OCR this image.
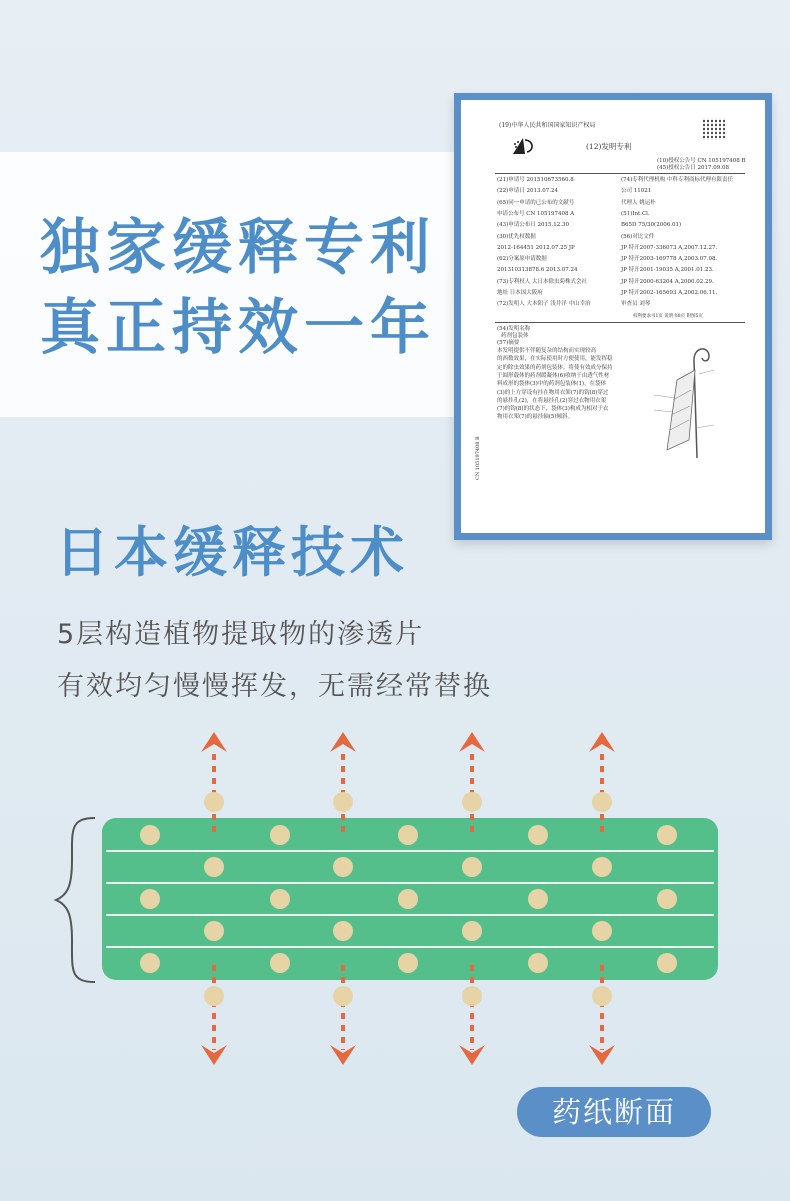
独家缓释专利
真正持效一年
(19)中华人民共和国国家知识产权局
(12)发明专利
(10)授权公告号 CN 105197408 B
(45)授权公告日 2017.09.08
(21)申请号 201510673560.8
(22)申请日 2013.07.24
(65)同一申请的已公布的文献号
申请公布号 CN 105197408 A
(43)申请公布日 2015.12.30
(30)优先权数据
2012-164451 2012.07.25 JP
(62)分案原申请数据
201310313878.6 2013.07.24
(73)专利权人 大日本除虫菊株式会社
地址 日本国大阪府
(72)发明人 大本阳子 浅井洋 中山幸治
(74)专利代理机构 中科专利商标代理有限责任
公司 11021
代理人 姚运朴
(51)Int.Cl.
B65D 75/30(2006.01)
(56)对比文件
JP 特开2007-336073 A,2007.12.27.
JP 特开2003-169778 A,2003.07.08.
JP 特开2001-19035 A,2001.01.23.
JP 特开2000-63204 A,2000.02.29.
JP 特开2002-165693 A,2002.06.11.
审查员 刘琴
权利要求书1页 说明书8页 附图5页
(54)发明名称
药剂包装体
(57)摘要
本发明提供不伴随复杂的结构而实现较高
的西数效果，在实际使用时方便使用，能发挥稳
定的除虫效果的药剂包装体。将使有效成分保持
于圆形载体的药剂缓凝体(6)收纳于由透气性材
料成形的袋体(3)中的药剂包装体(1)，在袋体
(3)的上方穿设有挂在物用衣架(7)的钩(8)穿过
的悬挂孔(2)，在将悬挂孔(2)穿过衣物用衣架
(7)的钩(8)的状态下，袋体(3)构成为相对于衣
物用衣架(7)的悬挂轴(5)倾斜。
CN 105197408 B
日本缓释技术
5层构造植物提取物的渗透片
有效均匀慢慢挥发，无需经常替换
药纸断面
